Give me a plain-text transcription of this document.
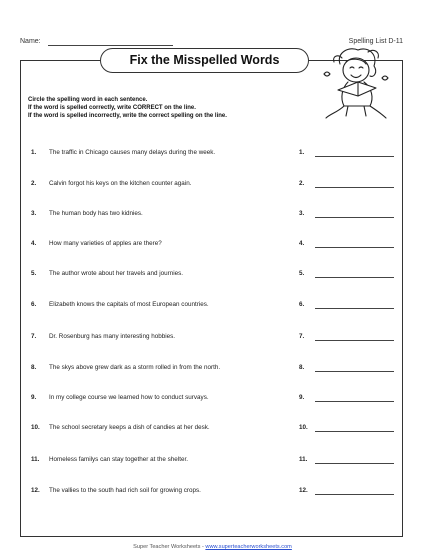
Name:	Spelling List D-11
Fix the Misspelled Words
Circle the spelling word in each sentence.
If the word is spelled correctly, write CORRECT on the line.
If the word is spelled incorrectly, write the correct spelling on the line.
1. The traffic in Chicago causes many delays during the week.	1.
2. Calvin forgot his keys on the kitchen counter again.	2.
3. The human body has two kidnies.	3.
4. How many varieties of apples are there?	4.
5. The author wrote about her travels and journies.	5.
6. Elizabeth knows the capitals of most European countries.	6.
7. Dr. Rosenburg has many interesting hobbies.	7.
8. The skys above grew dark as a storm rolled in from the north.	8.
9. In my college course we learned how to conduct survays.	9.
10. The school secretary keeps a dish of candies at her desk.	10.
11. Homeless familys can stay together at the shelter.	11.
12. The vallies to the south had rich soil for growing crops.	12.
Super Teacher Worksheets - www.superteacherworksheets.com
